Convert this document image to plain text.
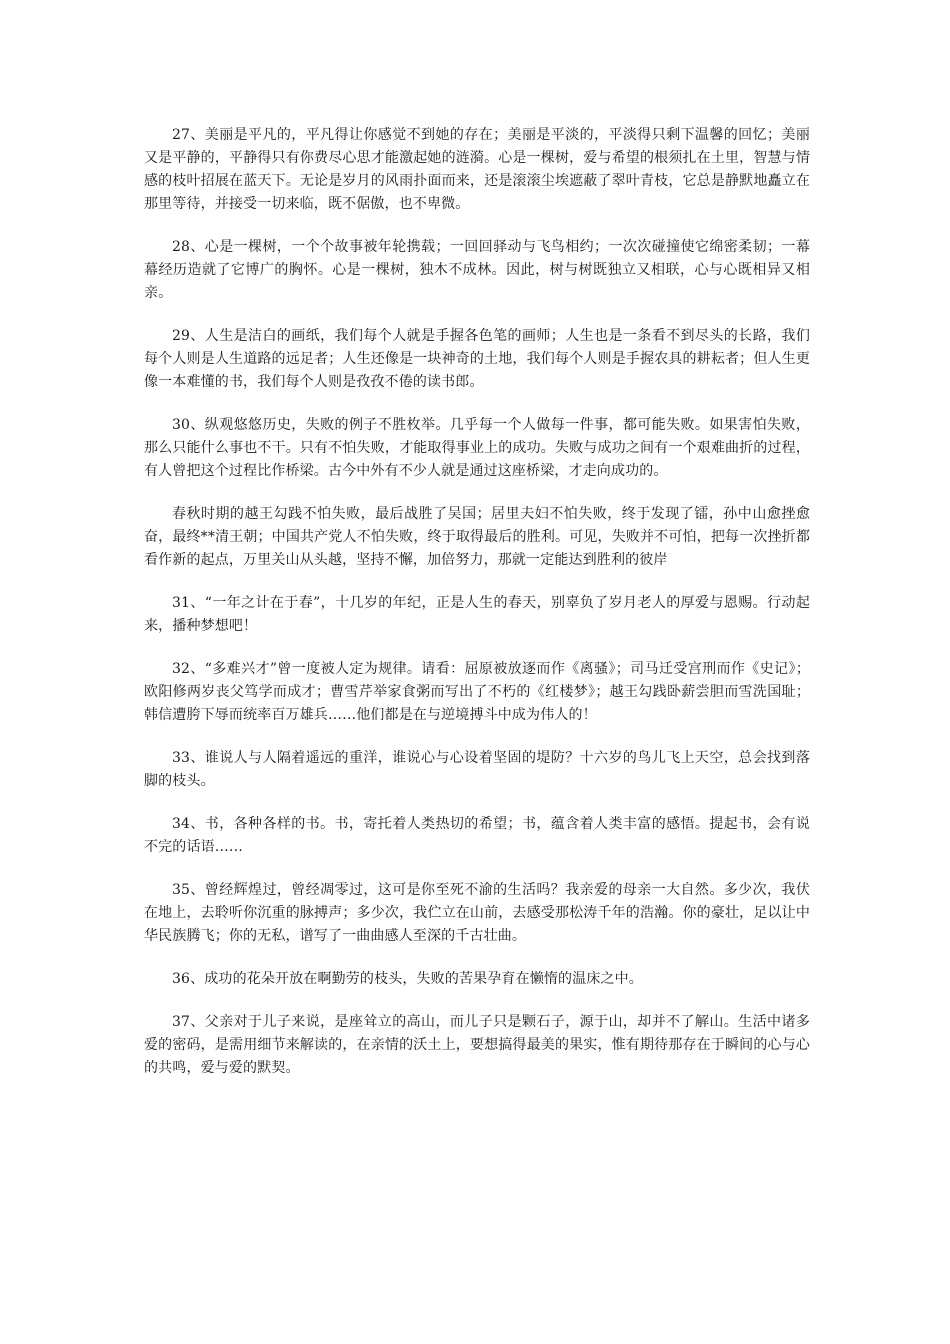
27、美丽是平凡的，平凡得让你感觉不到她的存在；美丽是平淡的，平淡得只剩下温馨的回忆；美丽又是平静的，平静得只有你费尽心思才能激起她的涟漪。心是一棵树，爱与希望的根须扎在土里，智慧与情感的枝叶招展在蓝天下。无论是岁月的风雨扑面而来，还是滚滚尘埃遮蔽了翠叶青枝，它总是静默地矗立在那里等待，并接受一切来临，既不倨傲，也不卑微。

28、心是一棵树，一个个故事被年轮携载；一回回驿动与飞鸟相约；一次次碰撞使它绵密柔韧；一幕幕经历造就了它博广的胸怀。心是一棵树，独木不成林。因此，树与树既独立又相联，心与心既相异又相亲。

29、人生是洁白的画纸，我们每个人就是手握各色笔的画师；人生也是一条看不到尽头的长路，我们每个人则是人生道路的远足者；人生还像是一块神奇的土地，我们每个人则是手握农具的耕耘者；但人生更像一本难懂的书，我们每个人则是孜孜不倦的读书郎。

30、纵观悠悠历史，失败的例子不胜枚举。几乎每一个人做每一件事，都可能失败。如果害怕失败，那么只能什么事也不干。只有不怕失败，才能取得事业上的成功。失败与成功之间有一个艰难曲折的过程，有人曾把这个过程比作桥梁。古今中外有不少人就是通过这座桥梁，才走向成功的。

春秋时期的越王勾践不怕失败，最后战胜了吴国；居里夫妇不怕失败，终于发现了镭，孙中山愈挫愈奋，最终**清王朝；中国共产党人不怕失败，终于取得最后的胜利。可见，失败并不可怕，把每一次挫折都看作新的起点，万里关山从头越，坚持不懈，加倍努力，那就一定能达到胜利的彼岸

31、“一年之计在于春”，十几岁的年纪，正是人生的春天，别辜负了岁月老人的厚爱与恩赐。行动起来，播种梦想吧！

32、“多难兴才”曾一度被人定为规律。请看：屈原被放逐而作《离骚》；司马迁受宫刑而作《史记》；欧阳修两岁丧父笃学而成才；曹雪芹举家食粥而写出了不朽的《红楼梦》；越王勾践卧薪尝胆而雪洗国耻；韩信遭胯下辱而统率百万雄兵……他们都是在与逆境搏斗中成为伟人的！

33、谁说人与人隔着遥远的重洋，谁说心与心设着坚固的堤防？十六岁的鸟儿飞上天空，总会找到落脚的枝头。

34、书，各种各样的书。书，寄托着人类热切的希望；书，蕴含着人类丰富的感悟。提起书，会有说不完的话语……

35、曾经辉煌过，曾经凋零过，这可是你至死不渝的生活吗？我亲爱的母亲一大自然。多少次，我伏在地上，去聆听你沉重的脉搏声；多少次，我伫立在山前，去感受那松涛千年的浩瀚。你的豪壮，足以让中华民族腾飞；你的无私，谱写了一曲曲感人至深的千古壮曲。

36、成功的花朵开放在啊勤劳的枝头，失败的苦果孕育在懒惰的温床之中。

37、父亲对于儿子来说，是座耸立的高山，而儿子只是颗石子，源于山，却并不了解山。生活中诸多爱的密码，是需用细节来解读的，在亲情的沃土上，要想搞得最美的果实，惟有期待那存在于瞬间的心与心的共鸣，爱与爱的默契。
